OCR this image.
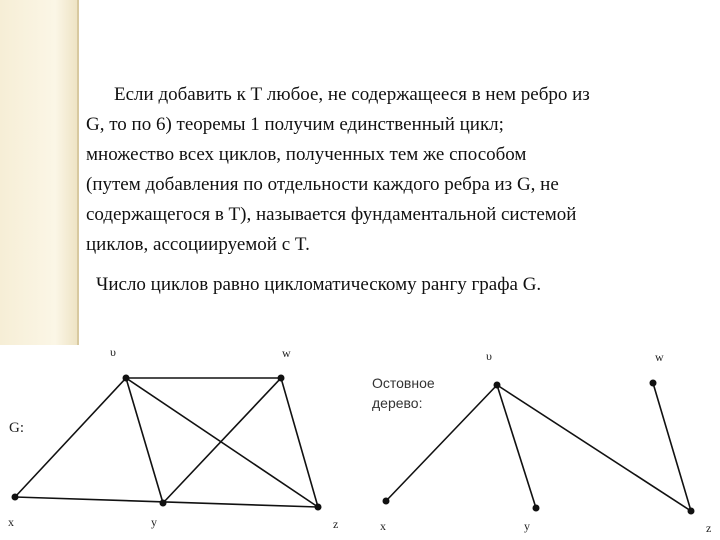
Если добавить к Т любое, не содержащееся в нем ребро из
G, то по 6) теоремы 1 получим единственный цикл;
множество всех циклов, полученных тем же способом
(путем добавления по отдельности каждого ребра из G, не
содержащегося в T), называется фундаментальной системой
циклов, ассоциируемой с T.

Число циклов равно цикломатическому рангу графа G.

G:
υ	w
x	y	z
Остовное
дерево:
υ	w
x	y	z
